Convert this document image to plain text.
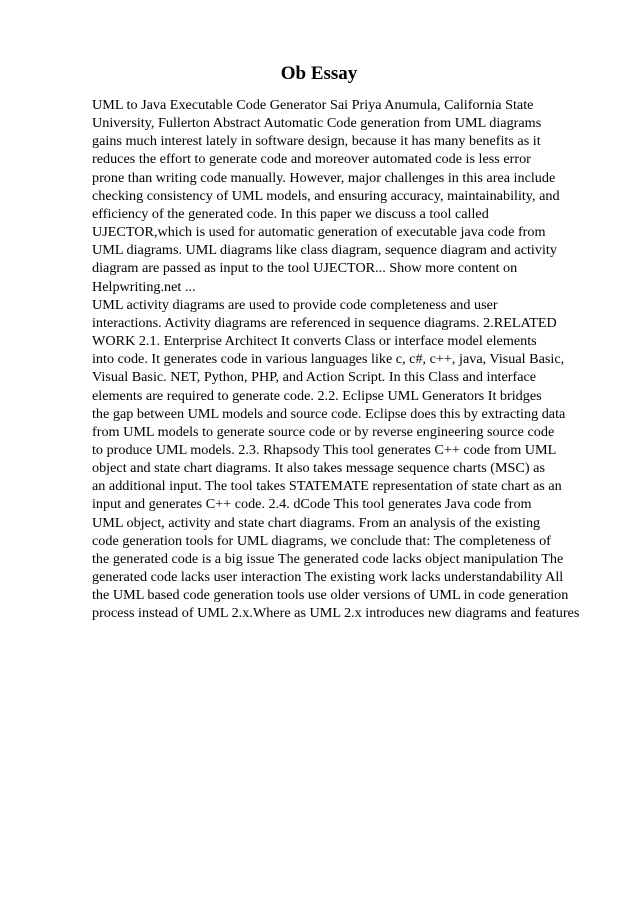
Ob Essay
UML to Java Executable Code Generator Sai Priya Anumula, California State
University, Fullerton Abstract Automatic Code generation from UML diagrams
gains much interest lately in software design, because it has many benefits as it
reduces the effort to generate code and moreover automated code is less error
prone than writing code manually. However, major challenges in this area include
checking consistency of UML models, and ensuring accuracy, maintainability, and
efficiency of the generated code. In this paper we discuss a tool called
UJECTOR,which is used for automatic generation of executable java code from
UML diagrams. UML diagrams like class diagram, sequence diagram and activity
diagram are passed as input to the tool UJECTOR... Show more content on
Helpwriting.net ...
UML activity diagrams are used to provide code completeness and user
interactions. Activity diagrams are referenced in sequence diagrams. 2.RELATED
WORK 2.1. Enterprise Architect It converts Class or interface model elements
into code. It generates code in various languages like c, c#, c++, java, Visual Basic,
Visual Basic. NET, Python, PHP, and Action Script. In this Class and interface
elements are required to generate code. 2.2. Eclipse UML Generators It bridges
the gap between UML models and source code. Eclipse does this by extracting data
from UML models to generate source code or by reverse engineering source code
to produce UML models. 2.3. Rhapsody This tool generates C++ code from UML
object and state chart diagrams. It also takes message sequence charts (MSC) as
an additional input. The tool takes STATEMATE representation of state chart as an
input and generates C++ code. 2.4. dCode This tool generates Java code from
UML object, activity and state chart diagrams. From an analysis of the existing
code generation tools for UML diagrams, we conclude that: The completeness of
the generated code is a big issue The generated code lacks object manipulation The
generated code lacks user interaction The existing work lacks understandability All
the UML based code generation tools use older versions of UML in code generation
process instead of UML 2.x.Where as UML 2.x introduces new diagrams and features
